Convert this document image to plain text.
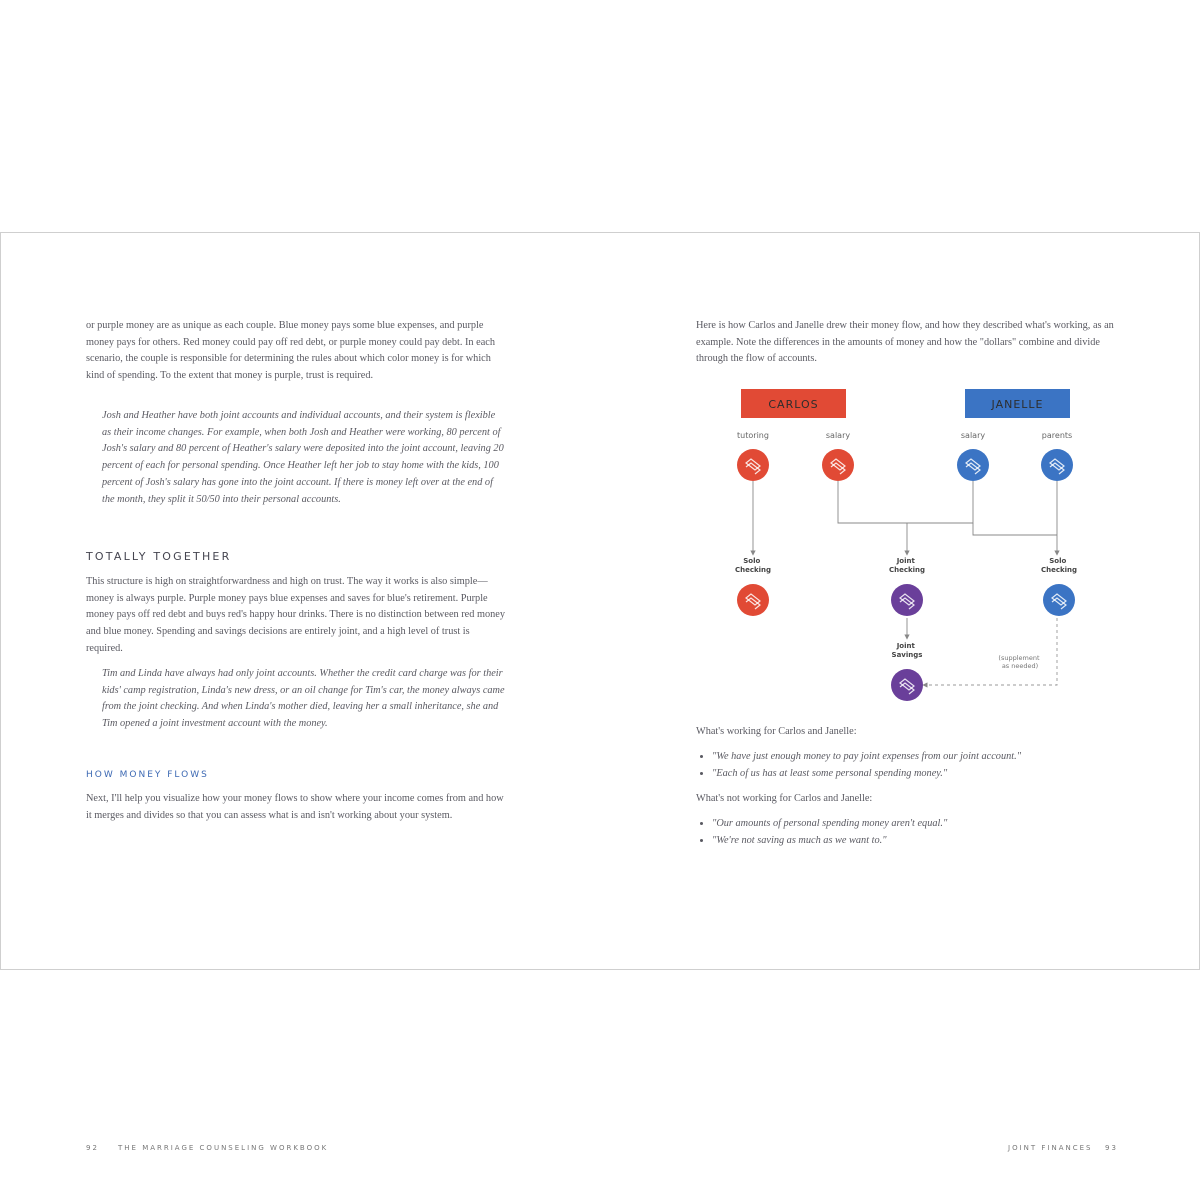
or purple money are as unique as each couple. Blue money pays some blue expenses, and purple money pays for others. Red money could pay off red debt, or purple money could pay debt. In each scenario, the couple is responsible for determining the rules about which color money is for which kind of spending. To the extent that money is purple, trust is required.

Josh and Heather have both joint accounts and individual accounts, and their system is flexible as their income changes. For example, when both Josh and Heather were working, 80 percent of Josh's salary and 80 percent of Heather's salary were deposited into the joint account, leaving 20 percent of each for personal spending. Once Heather left her job to stay home with the kids, 100 percent of Josh's salary has gone into the joint account. If there is money left over at the end of the month, they split it 50/50 into their personal accounts.

TOTALLY TOGETHER

This structure is high on straightforwardness and high on trust. The way it works is also simple—money is always purple. Purple money pays blue expenses and saves for blue's retirement. Purple money pays off red debt and buys red's happy hour drinks. There is no distinction between red money and blue money. Spending and savings decisions are entirely joint, and a high level of trust is required.

Tim and Linda have always had only joint accounts. Whether the credit card charge was for their kids' camp registration, Linda's new dress, or an oil change for Tim's car, the money always came from the joint checking. And when Linda's mother died, leaving her a small inheritance, she and Tim opened a joint investment account with the money.

HOW MONEY FLOWS

Next, I'll help you visualize how your money flows to show where your income comes from and how it merges and divides so that you can assess what is and isn't working about your system.

92	THE MARRIAGE COUNSELING WORKBOOK

Here is how Carlos and Janelle drew their money flow, and how they described what's working, as an example. Note the differences in the amounts of money and how the "dollars" combine and divide through the flow of accounts.

CARLOS	JANELLE
tutoring	salary	salary	parents
Solo Checking
Joint Checking
Solo Checking
Joint Savings	(supplement as needed)

What's working for Carlos and Janelle:

• "We have just enough money to pay joint expenses from our joint account."
• "Each of us has at least some personal spending money."

What's not working for Carlos and Janelle:

• "Our amounts of personal spending money aren't equal."
• "We're not saving as much as we want to."
JOINT FINANCES 93
